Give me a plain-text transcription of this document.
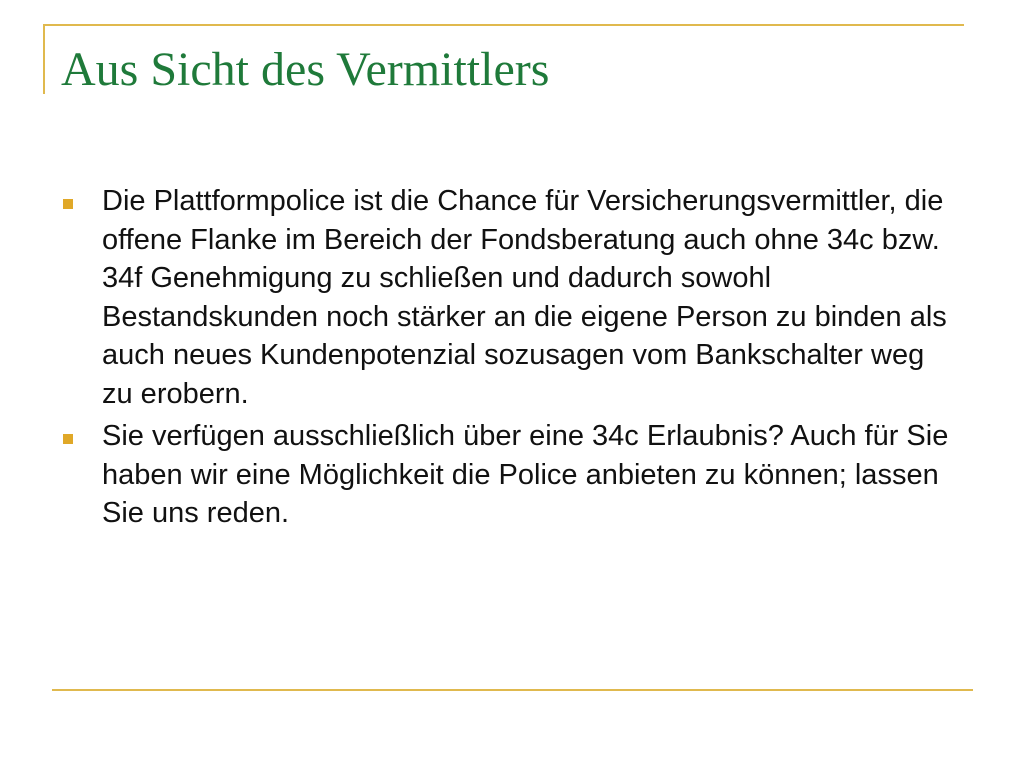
Aus Sicht des Vermittlers
Die Plattformpolice ist die Chance für Versicherungsvermittler, die offene Flanke im Bereich der Fondsberatung auch ohne 34c bzw. 34f Genehmigung zu schließen und dadurch sowohl Bestandskunden noch stärker an die eigene Person zu binden als auch neues Kundenpotenzial sozusagen vom Bankschalter weg zu erobern.
Sie verfügen ausschließlich über eine 34c Erlaubnis? Auch für Sie haben wir eine Möglichkeit die Police anbieten zu können; lassen Sie uns reden.
